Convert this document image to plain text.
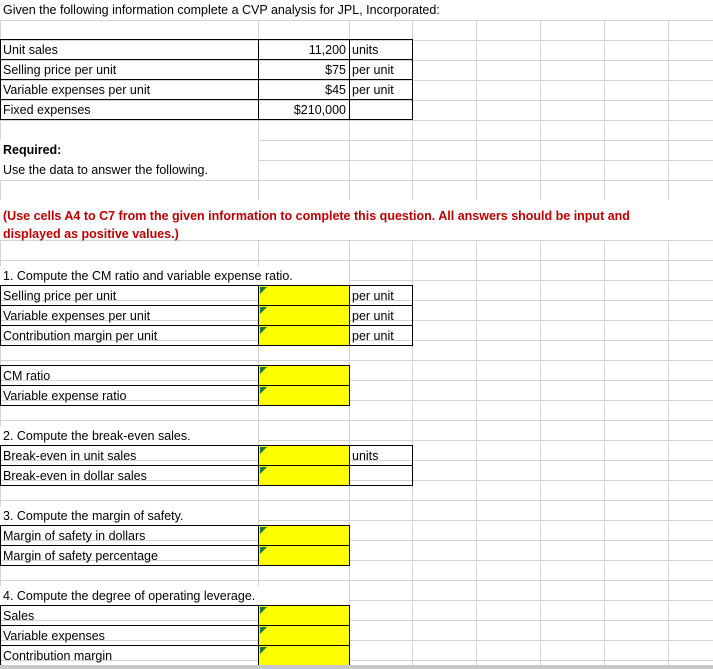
Given the following information complete a CVP analysis for JPL, Incorporated:
Unit sales	11,200 units
Selling price per unit	$75 per unit
Variable expenses per unit	$45 per unit
Fixed expenses	$210,000
Required:
Use the data to answer the following.
(Use cells A4 to C7 from the given information to complete this question. All answers should be input and
displayed as positive values.)
1. Compute the CM ratio and variable expense ratio.
Selling price per unit	per unit
Variable expenses per unit	per unit
Contribution margin per unit	per unit
CM ratio
Variable expense ratio
2. Compute the break-even sales.
Break-even in unit sales	units
Break-even in dollar sales
3. Compute the margin of safety.
Margin of safety in dollars
Margin of safety percentage
4. Compute the degree of operating leverage.
Sales
Variable expenses
Contribution margin
